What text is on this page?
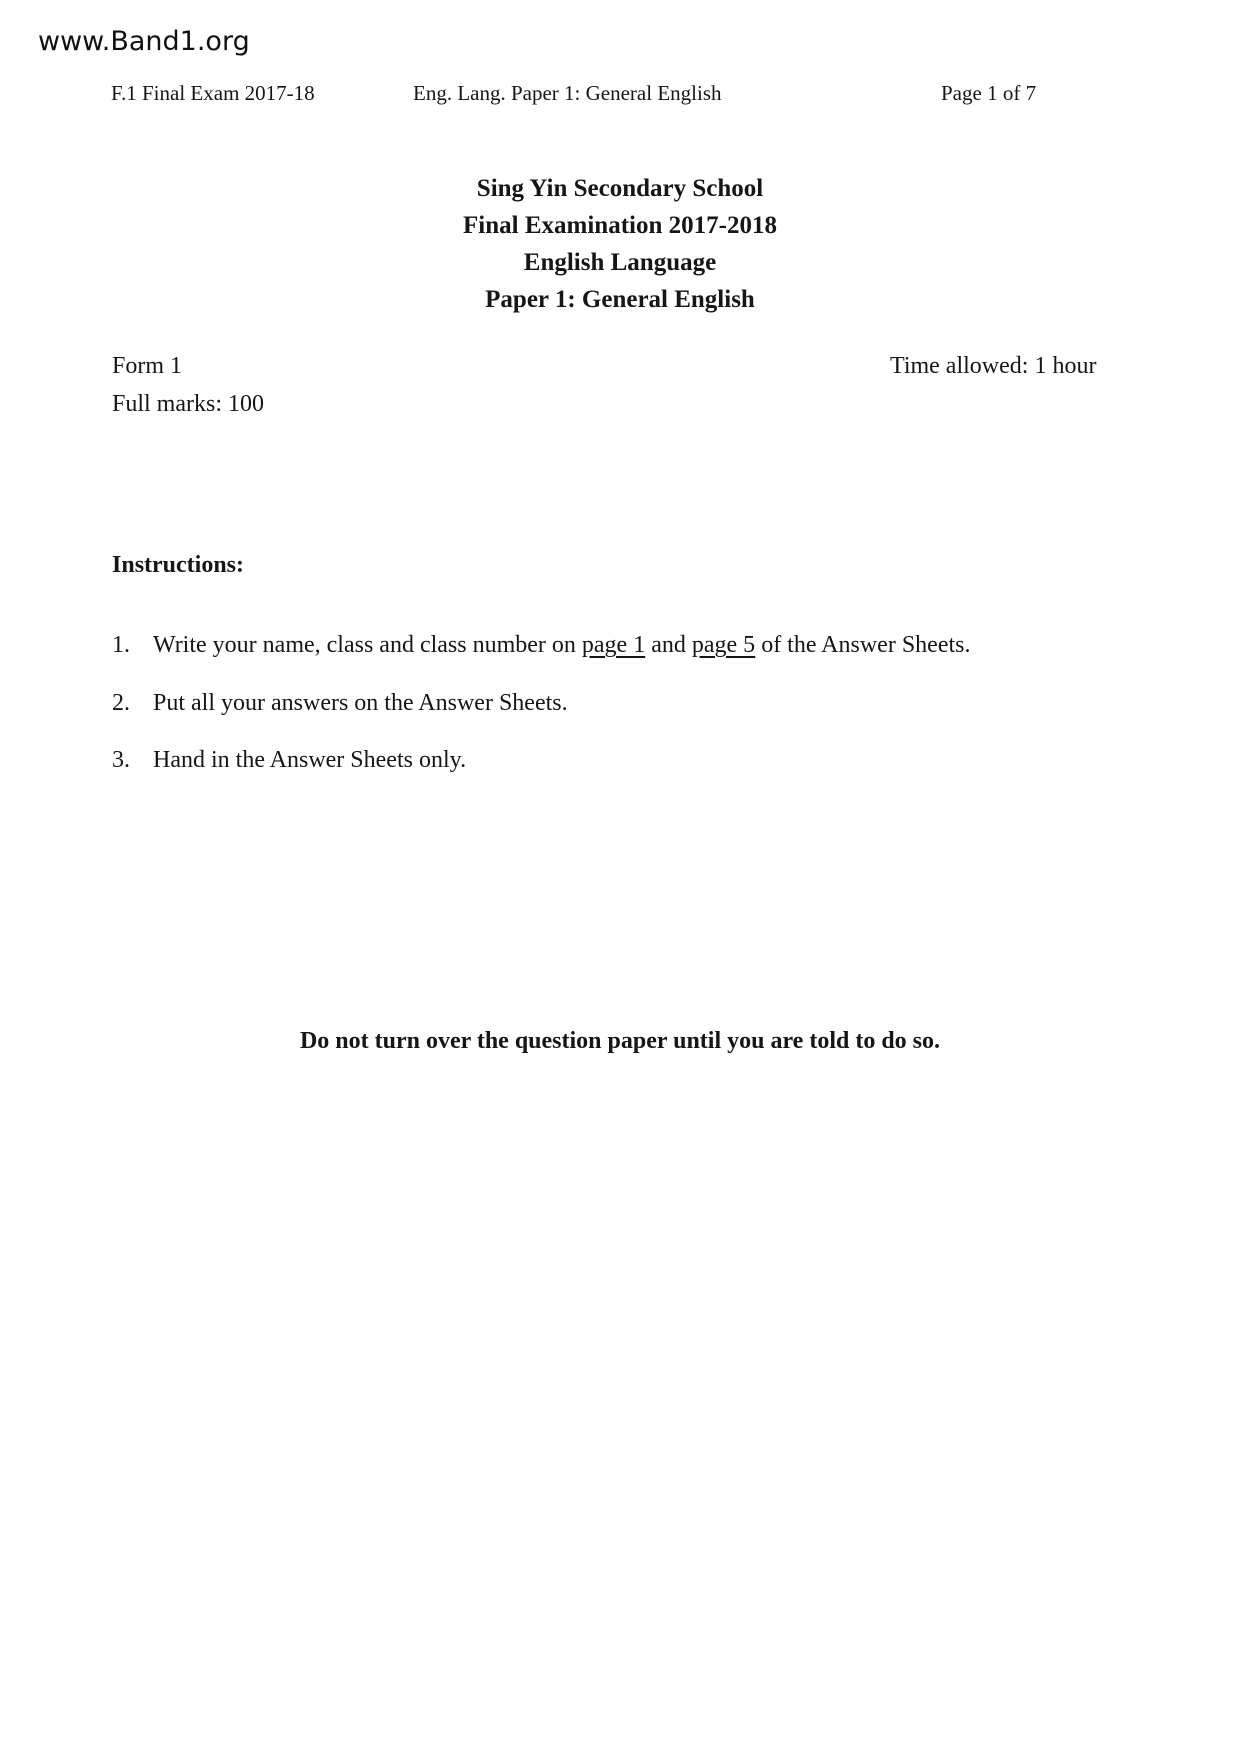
www.Band1.org
F.1 Final Exam 2017-18	Eng. Lang. Paper 1: General English	Page 1 of 7
Sing Yin Secondary School
Final Examination 2017-2018
English Language
Paper 1: General English
Form 1	Time allowed: 1 hour
Full marks: 100
Instructions:
1. Write your name, class and class number on page 1 and page 5 of the Answer Sheets.
2. Put all your answers on the Answer Sheets.
3. Hand in the Answer Sheets only.
Do not turn over the question paper until you are told to do so.
